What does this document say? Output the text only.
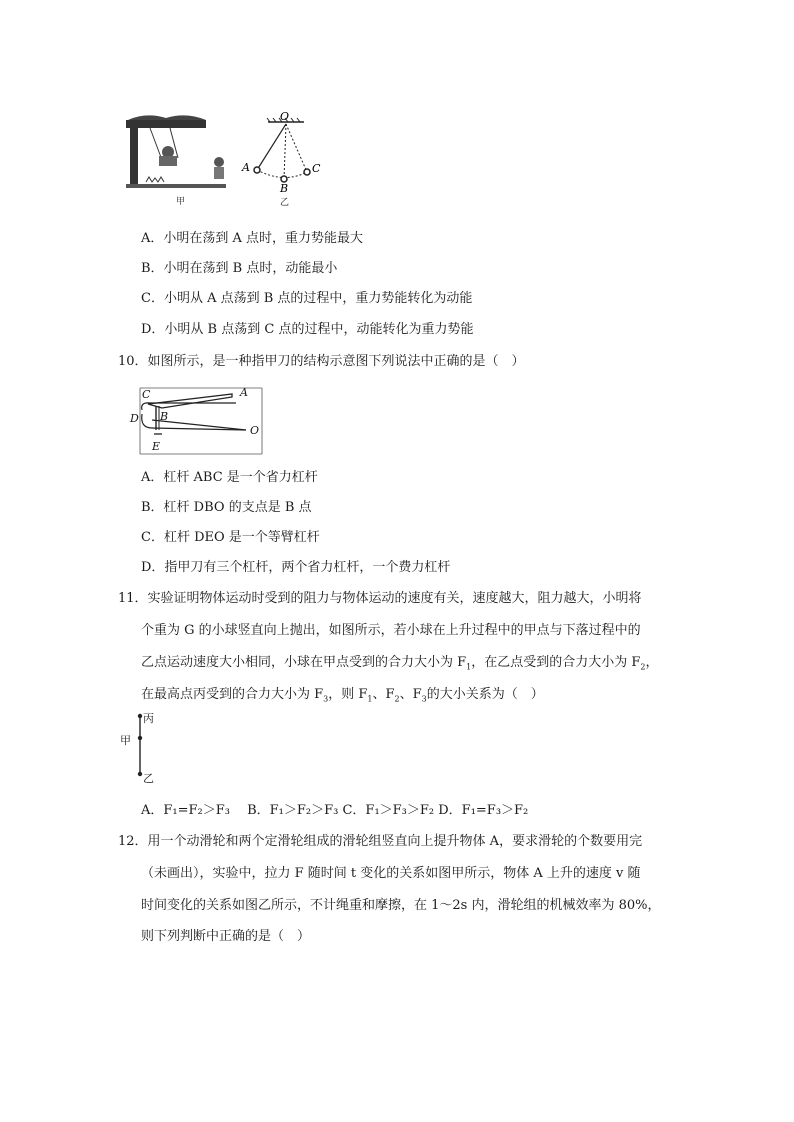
甲
O
A
B
C
乙
A．小明在荡到 A 点时，重力势能最大
B．小明在荡到 B 点时，动能最小
C．小明从 A 点荡到 B 点的过程中，重力势能转化为动能
D．小明从 B 点荡到 C 点的过程中，动能转化为重力势能
10．如图所示，是一种指甲刀的结构示意图下列说法中正确的是（　）
C	A
D B
O
E
A．杠杆 ABC 是一个省力杠杆
B．杠杆 DBO 的支点是 B 点
C．杠杆 DEO 是一个等臂杠杆
D．指甲刀有三个杠杆，两个省力杠杆，一个费力杠杆
11．实验证明物体运动时受到的阻力与物体运动的速度有关，速度越大，阻力越大，小明将
个重为 G 的小球竖直向上抛出，如图所示，若小球在上升过程中的甲点与下落过程中的
乙点运动速度大小相同，小球在甲点受到的合力大小为 $F_1$，在乙点受到的合力大小为 $F_2$，
在最高点丙受到的合力大小为 $F_3$，则 $F_1$、$F_2$、$F_3$的大小关系为（　）
丙
甲
乙
A．F₁=F₂＞F₃　 B．F₁＞F₂＞F₃ C．F₁＞F₃＞F₂ D．F₁=F₃＞F₂
12．用一个动滑轮和两个定滑轮组成的滑轮组竖直向上提升物体 A，要求滑轮的个数要用完
（未画出），实验中，拉力 F 随时间 t 变化的关系如图甲所示，物体 A 上升的速度 v 随
时间变化的关系如图乙所示，不计绳重和摩擦，在 1～2s 内，滑轮组的机械效率为 80%，
则下列判断中正确的是（　）
